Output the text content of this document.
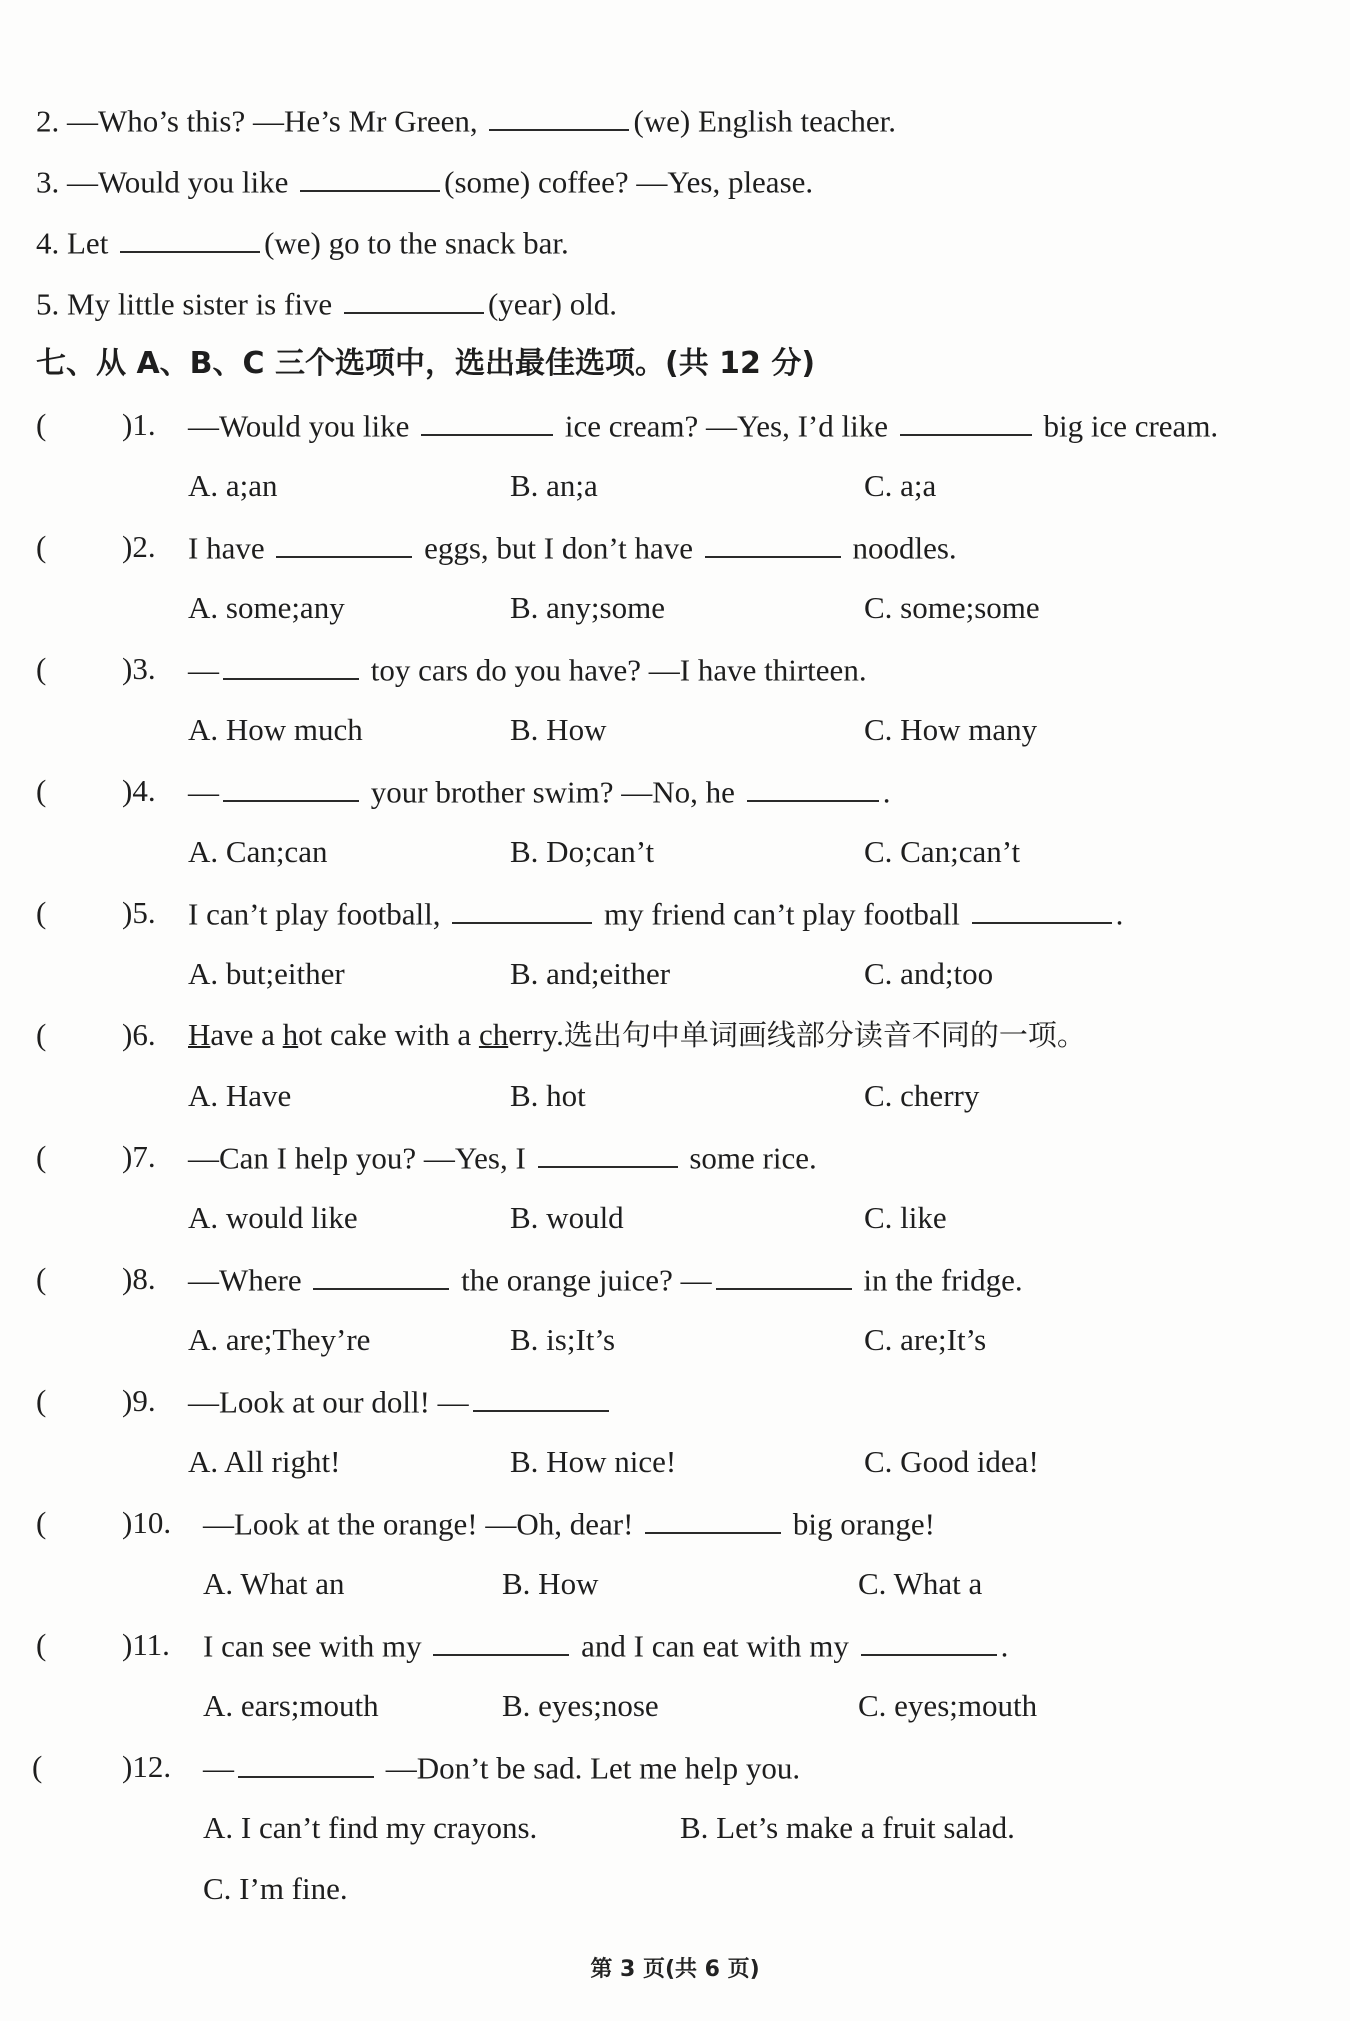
2. —Who’s this? —He’s Mr Green,	(we) English teacher.
3. —Would you like	(some) coffee? —Yes, please.
4. Let	(we) go to the snack bar.
5. My little sister is five	(year) old.
七、从 A、B、C 三个选项中，选出最佳选项。(共 12 分)
( )1. —Would you like	ice cream? —Yes, I’d like	big ice cream.
A. a;an	B. an;a	C. a;a
( )2. I have	eggs, but I don’t have	noodles.
A. some;any	B. any;some	C. some;some
( )3. —	toy cars do you have? —I have thirteen.
A. How much	B. How	C. How many
( )4. —	your brother swim? —No, he	.
A. Can;can	B. Do;can’t	C. Can;can’t
( )5. I can’t play football,	my friend can’t play football	.
A. but;either	B. and;either	C. and;too
( )6. Have a hot cake with a cherry.选出句中单词画线部分读音不同的一项。
A. Have	B. hot	C. cherry
( )7. —Can I help you? —Yes, I	some rice.
A. would like	B. would	C. like
( )8. —Where	the orange juice? —	in the fridge.
A. are;They’re	B. is;It’s	C. are;It’s
( )9. —Look at our doll! —
A. All right!	B. How nice!	C. Good idea!
( )10. —Look at the orange! —Oh, dear!	big orange!
A. What an	B. How	C. What a
( )11. I can see with my	and I can eat with my	.
A. ears;mouth	B. eyes;nose	C. eyes;mouth
(	)12. —	—Don’t be sad. Let me help you.
A. I can’t find my crayons.	B. Let’s make a fruit salad.
C. I’m fine.
第 3 页(共 6 页)
